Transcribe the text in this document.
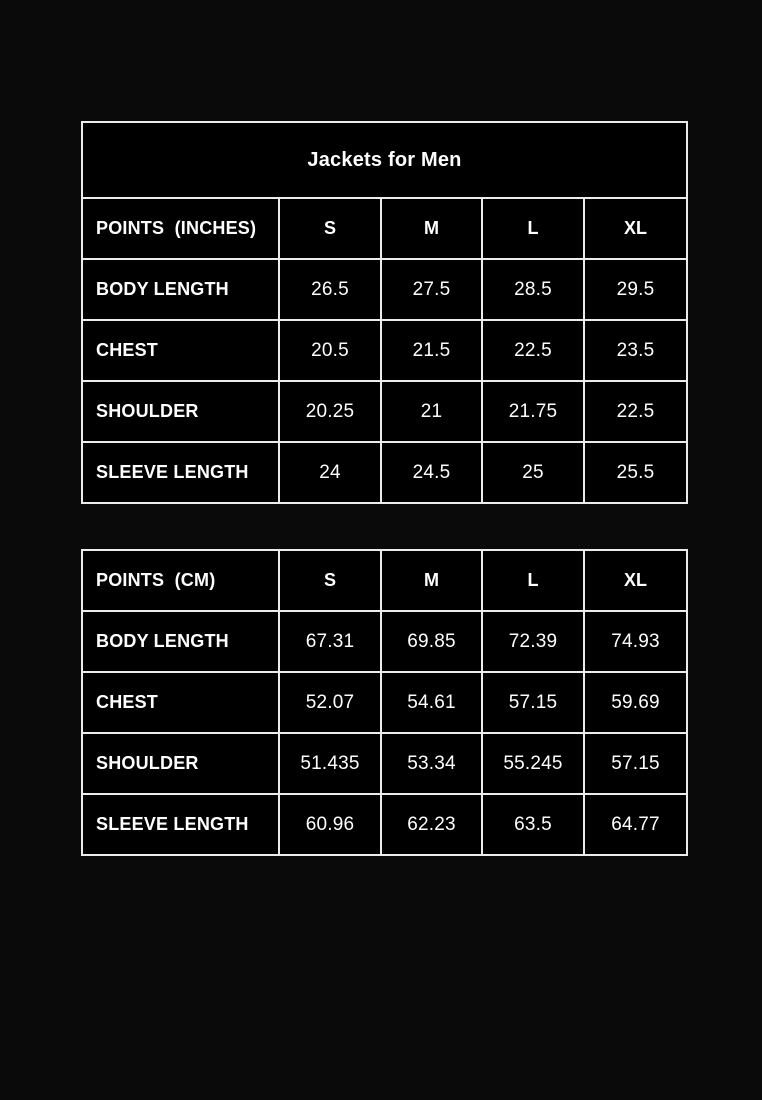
Jackets for Men				
POINTS  (INCHES)	S	M	L	XL
BODY LENGTH	26.5	27.5	28.5	29.5
CHEST	20.5	21.5	22.5	23.5
SHOULDER	20.25	21	21.75	22.5
SLEEVE LENGTH	24	24.5	25	25.5
POINTS  (CM)	S	M	L	XL
BODY LENGTH	67.31	69.85	72.39	74.93
CHEST	52.07	54.61	57.15	59.69
SHOULDER	51.435	53.34	55.245	57.15
SLEEVE LENGTH	60.96	62.23	63.5	64.77
